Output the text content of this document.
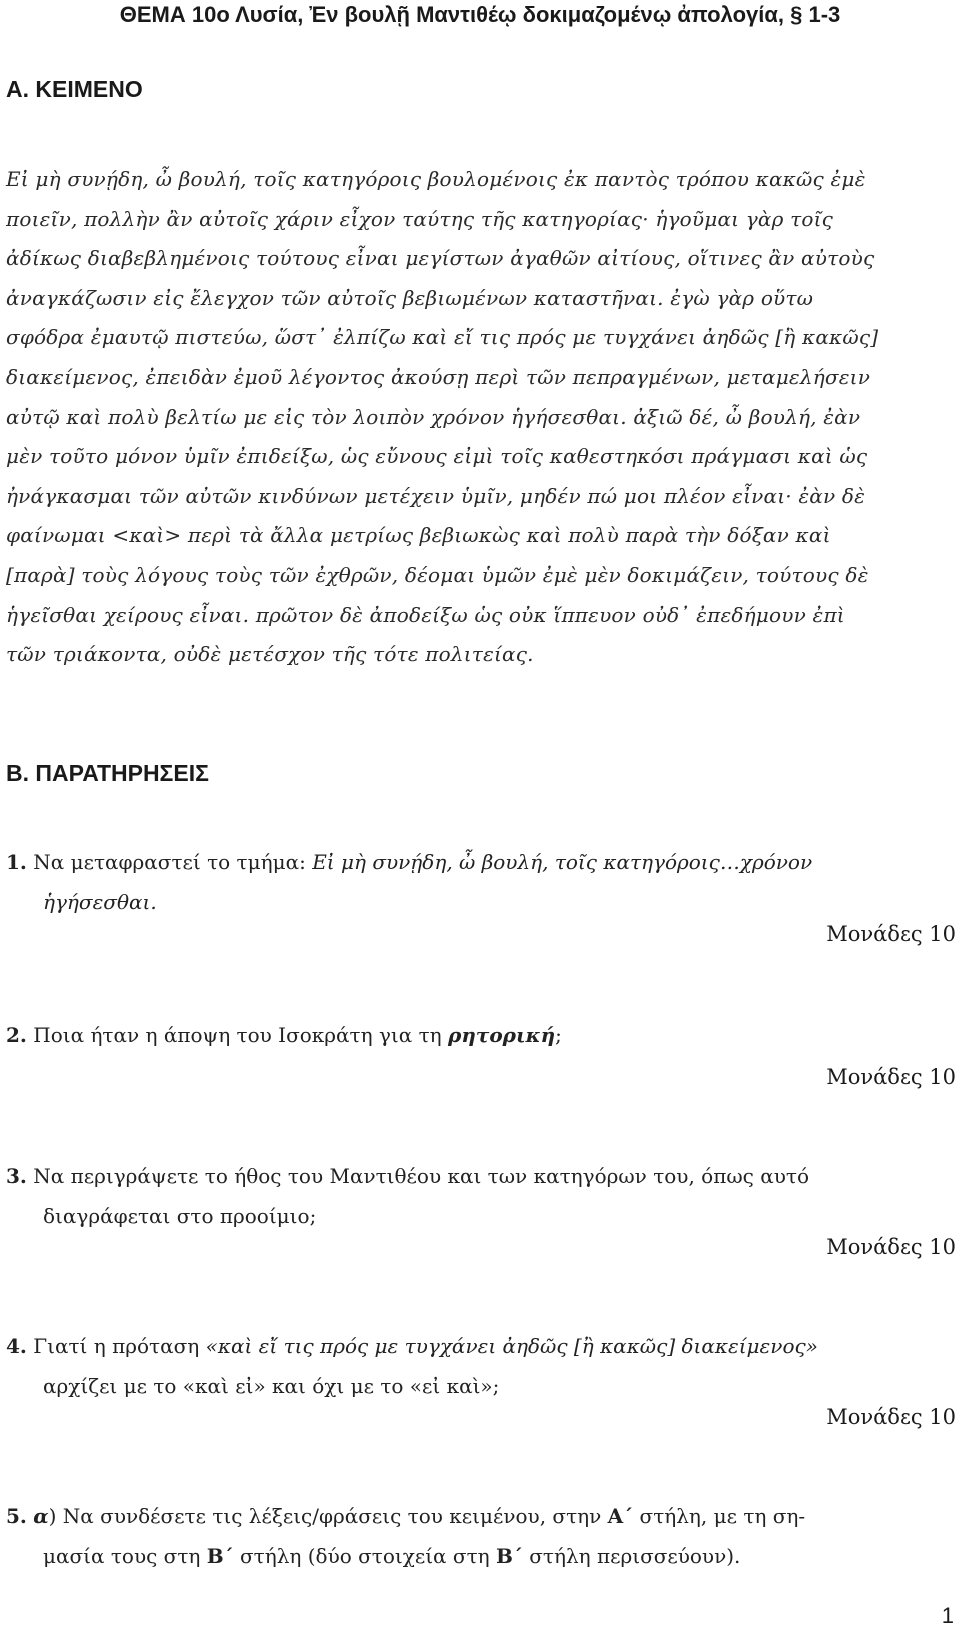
ΘΕΜΑ 10ο Λυσία, Ἐν βουλῇ Μαντιθέῳ δοκιμαζομένῳ ἀπολογία, § 1-3
Α. ΚΕΙΜΕΝΟ
Εἰ μὴ συνῄδη, ὦ βουλή, τοῖς κατηγόροις βουλομένοις ἐκ παντὸς τρόπου κακῶς ἐμὲ
ποιεῖν, πολλὴν ἂν αὐτοῖς χάριν εἶχον ταύτης τῆς κατηγορίας· ἡγοῦμαι γὰρ τοῖς
ἀδίκως διαβεβλημένοις τούτους εἶναι μεγίστων ἀγαθῶν αἰτίους, οἵτινες ἂν αὐτοὺς
ἀναγκάζωσιν εἰς ἔλεγχον τῶν αὐτοῖς βεβιωμένων καταστῆναι. ἐγὼ γὰρ οὕτω
σφόδρα ἐμαυτῷ πιστεύω, ὥστ᾽ ἐλπίζω καὶ εἴ τις πρός με τυγχάνει ἀηδῶς [ἢ κακῶς]
διακείμενος, ἐπειδὰν ἐμοῦ λέγοντος ἀκούσῃ περὶ τῶν πεπραγμένων, μεταμελήσειν
αὐτῷ καὶ πολὺ βελτίω με εἰς τὸν λοιπὸν χρόνον ἡγήσεσθαι. ἀξιῶ δέ, ὦ βουλή, ἐὰν
μὲν τοῦτο μόνον ὑμῖν ἐπιδείξω, ὡς εὔνους εἰμὶ τοῖς καθεστηκόσι πράγμασι καὶ ὡς
ἠνάγκασμαι τῶν αὐτῶν κινδύνων μετέχειν ὑμῖν, μηδέν πώ μοι πλέον εἶναι· ἐὰν δὲ
φαίνωμαι <καὶ> περὶ τὰ ἄλλα μετρίως βεβιωκὼς καὶ πολὺ παρὰ τὴν δόξαν καὶ
[παρὰ] τοὺς λόγους τοὺς τῶν ἐχθρῶν, δέομαι ὑμῶν ἐμὲ μὲν δοκιμάζειν, τούτους δὲ
ἡγεῖσθαι χείρους εἶναι. πρῶτον δὲ ἀποδείξω ὡς οὐκ ἵππευον οὐδ᾽ ἐπεδήμουν ἐπὶ
τῶν τριάκοντα, οὐδὲ μετέσχον τῆς τότε πολιτείας.
Β. ΠΑΡΑΤΗΡΗΣΕΙΣ
1. Να μεταφραστεί το τμήμα: Εἰ μὴ συνῄδη, ὦ βουλή, τοῖς κατηγόροις…χρόνον
ἡγήσεσθαι.
Μονάδες 10
2. Ποια ήταν η άποψη του Ισοκράτη για τη ρητορική;
Μονάδες 10
3. Να περιγράψετε το ήθος του Μαντιθέου και των κατηγόρων του, όπως αυτό
διαγράφεται στο προοίμιο;
Μονάδες 10
4. Γιατί η πρόταση «καὶ εἴ τις πρός με τυγχάνει ἀηδῶς [ἢ κακῶς] διακείμενος»
αρχίζει με το «καὶ εἰ» και όχι με το «εἰ καὶ»;
Μονάδες 10
5. α) Να συνδέσετε τις λέξεις/φράσεις του κειμένου, στην Α΄ στήλη, με τη ση-
μασία τους στη Β΄ στήλη (δύο στοιχεία στη Β΄ στήλη περισσεύουν).
1
